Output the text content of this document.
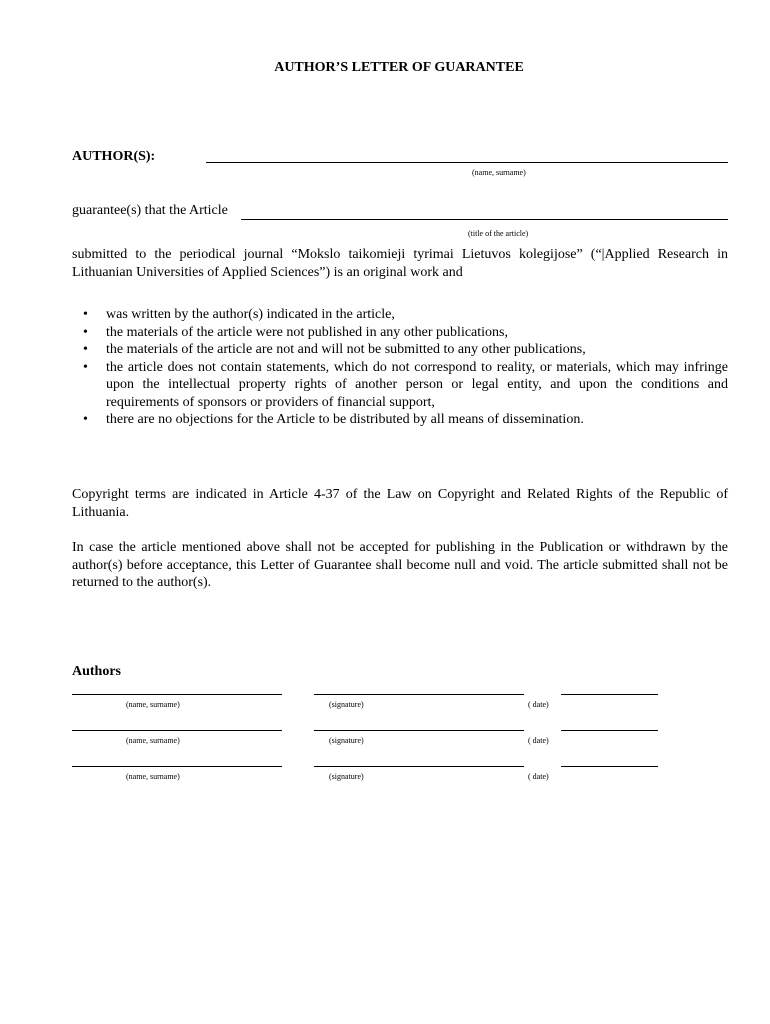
AUTHOR’S LETTER OF GUARANTEE
AUTHOR(S):
(name, surname)
guarantee(s) that the Article
(title of the article)
submitted to the periodical journal “Mokslo taikomieji tyrimai Lietuvos kolegijose” (“|Applied Research in Lithuanian Universities of Applied Sciences”) is an original work and
• was written by the author(s) indicated in the article,
• the materials of the article were not published in any other publications,
• the materials of the article are not and will not be submitted to any other publications,
• the article does not contain statements, which do not correspond to reality, or materials, which may infringe upon the intellectual property rights of another person or legal entity, and upon the conditions and requirements of sponsors or providers of financial support,
• there are no objections for the Article to be distributed by all means of dissemination.
Copyright terms are indicated in Article 4-37 of the Law on Copyright and Related Rights of the Republic of Lithuania.
In case the article mentioned above shall not be accepted for publishing in the Publication or withdrawn by the author(s) before acceptance, this Letter of Guarantee shall become null and void. The article submitted shall not be returned to the author(s).
Authors
(name, surname)	(signature)	( date)
(name, surname)	(signature)	( date)
(name, surname)	(signature)	( date)
